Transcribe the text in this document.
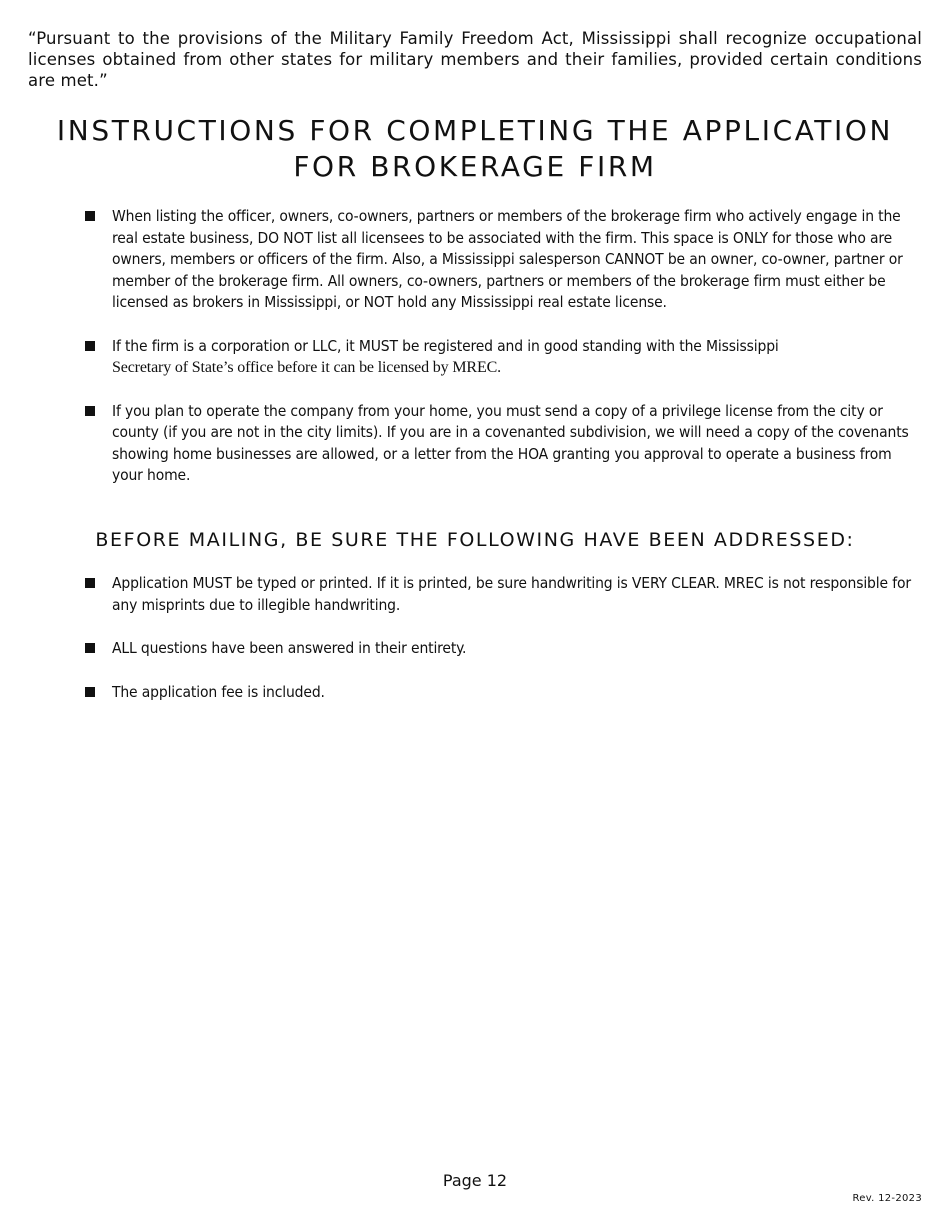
“Pursuant to the provisions of the Military Family Freedom Act, Mississippi shall recognize occupational licenses obtained from other states for military members and their families, provided certain conditions are met.”

INSTRUCTIONS FOR COMPLETING THE APPLICATION
FOR BROKERAGE FIRM
When listing the officer, owners, co-owners, partners or members of the brokerage firm who actively engage in the real estate business, DO NOT list all licensees to be associated with the firm. This space is ONLY for those who are owners, members or officers of the firm. Also, a Mississippi salesperson CANNOT be an owner, co-owner, partner or member of the brokerage firm. All owners, co-owners, partners or members of the brokerage firm must either be licensed as brokers in Mississippi, or NOT hold any Mississippi real estate license.
If the firm is a corporation or LLC, it MUST be registered and in good standing with the Mississippi
Secretary of State’s office before it can be licensed by MREC.
If you plan to operate the company from your home, you must send a copy of a privilege license from the city or county (if you are not in the city limits). If you are in a covenanted subdivision, we will need a copy of the covenants showing home businesses are allowed, or a letter from the HOA granting you approval to operate a business from your home.
BEFORE MAILING, BE SURE THE FOLLOWING HAVE BEEN ADDRESSED:
Application MUST be typed or printed. If it is printed, be sure handwriting is VERY CLEAR. MREC is not responsible for any misprints due to illegible handwriting.
ALL questions have been answered in their entirety.
The application fee is included.
Page 12
Rev. 12-2023
